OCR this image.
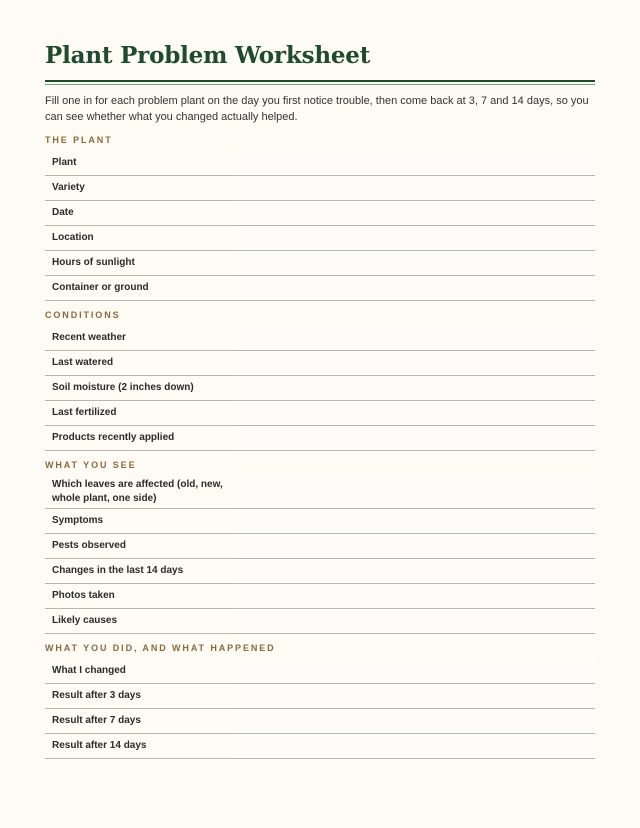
Plant Problem Worksheet

Fill one in for each problem plant on the day you first notice trouble, then come back at 3, 7 and 14 days, so you can see whether what you changed actually helped.

THE PLANT
Plant
Variety
Date
Location
Hours of sunlight
Container or ground
CONDITIONS
Recent weather
Last watered
Soil moisture (2 inches down)
Last fertilized
Products recently applied
WHAT YOU SEE
Which leaves are affected (old, new, whole plant, one side)
Symptoms
Pests observed
Changes in the last 14 days
Photos taken
Likely causes
WHAT YOU DID, AND WHAT HAPPENED
What I changed
Result after 3 days
Result after 7 days
Result after 14 days
